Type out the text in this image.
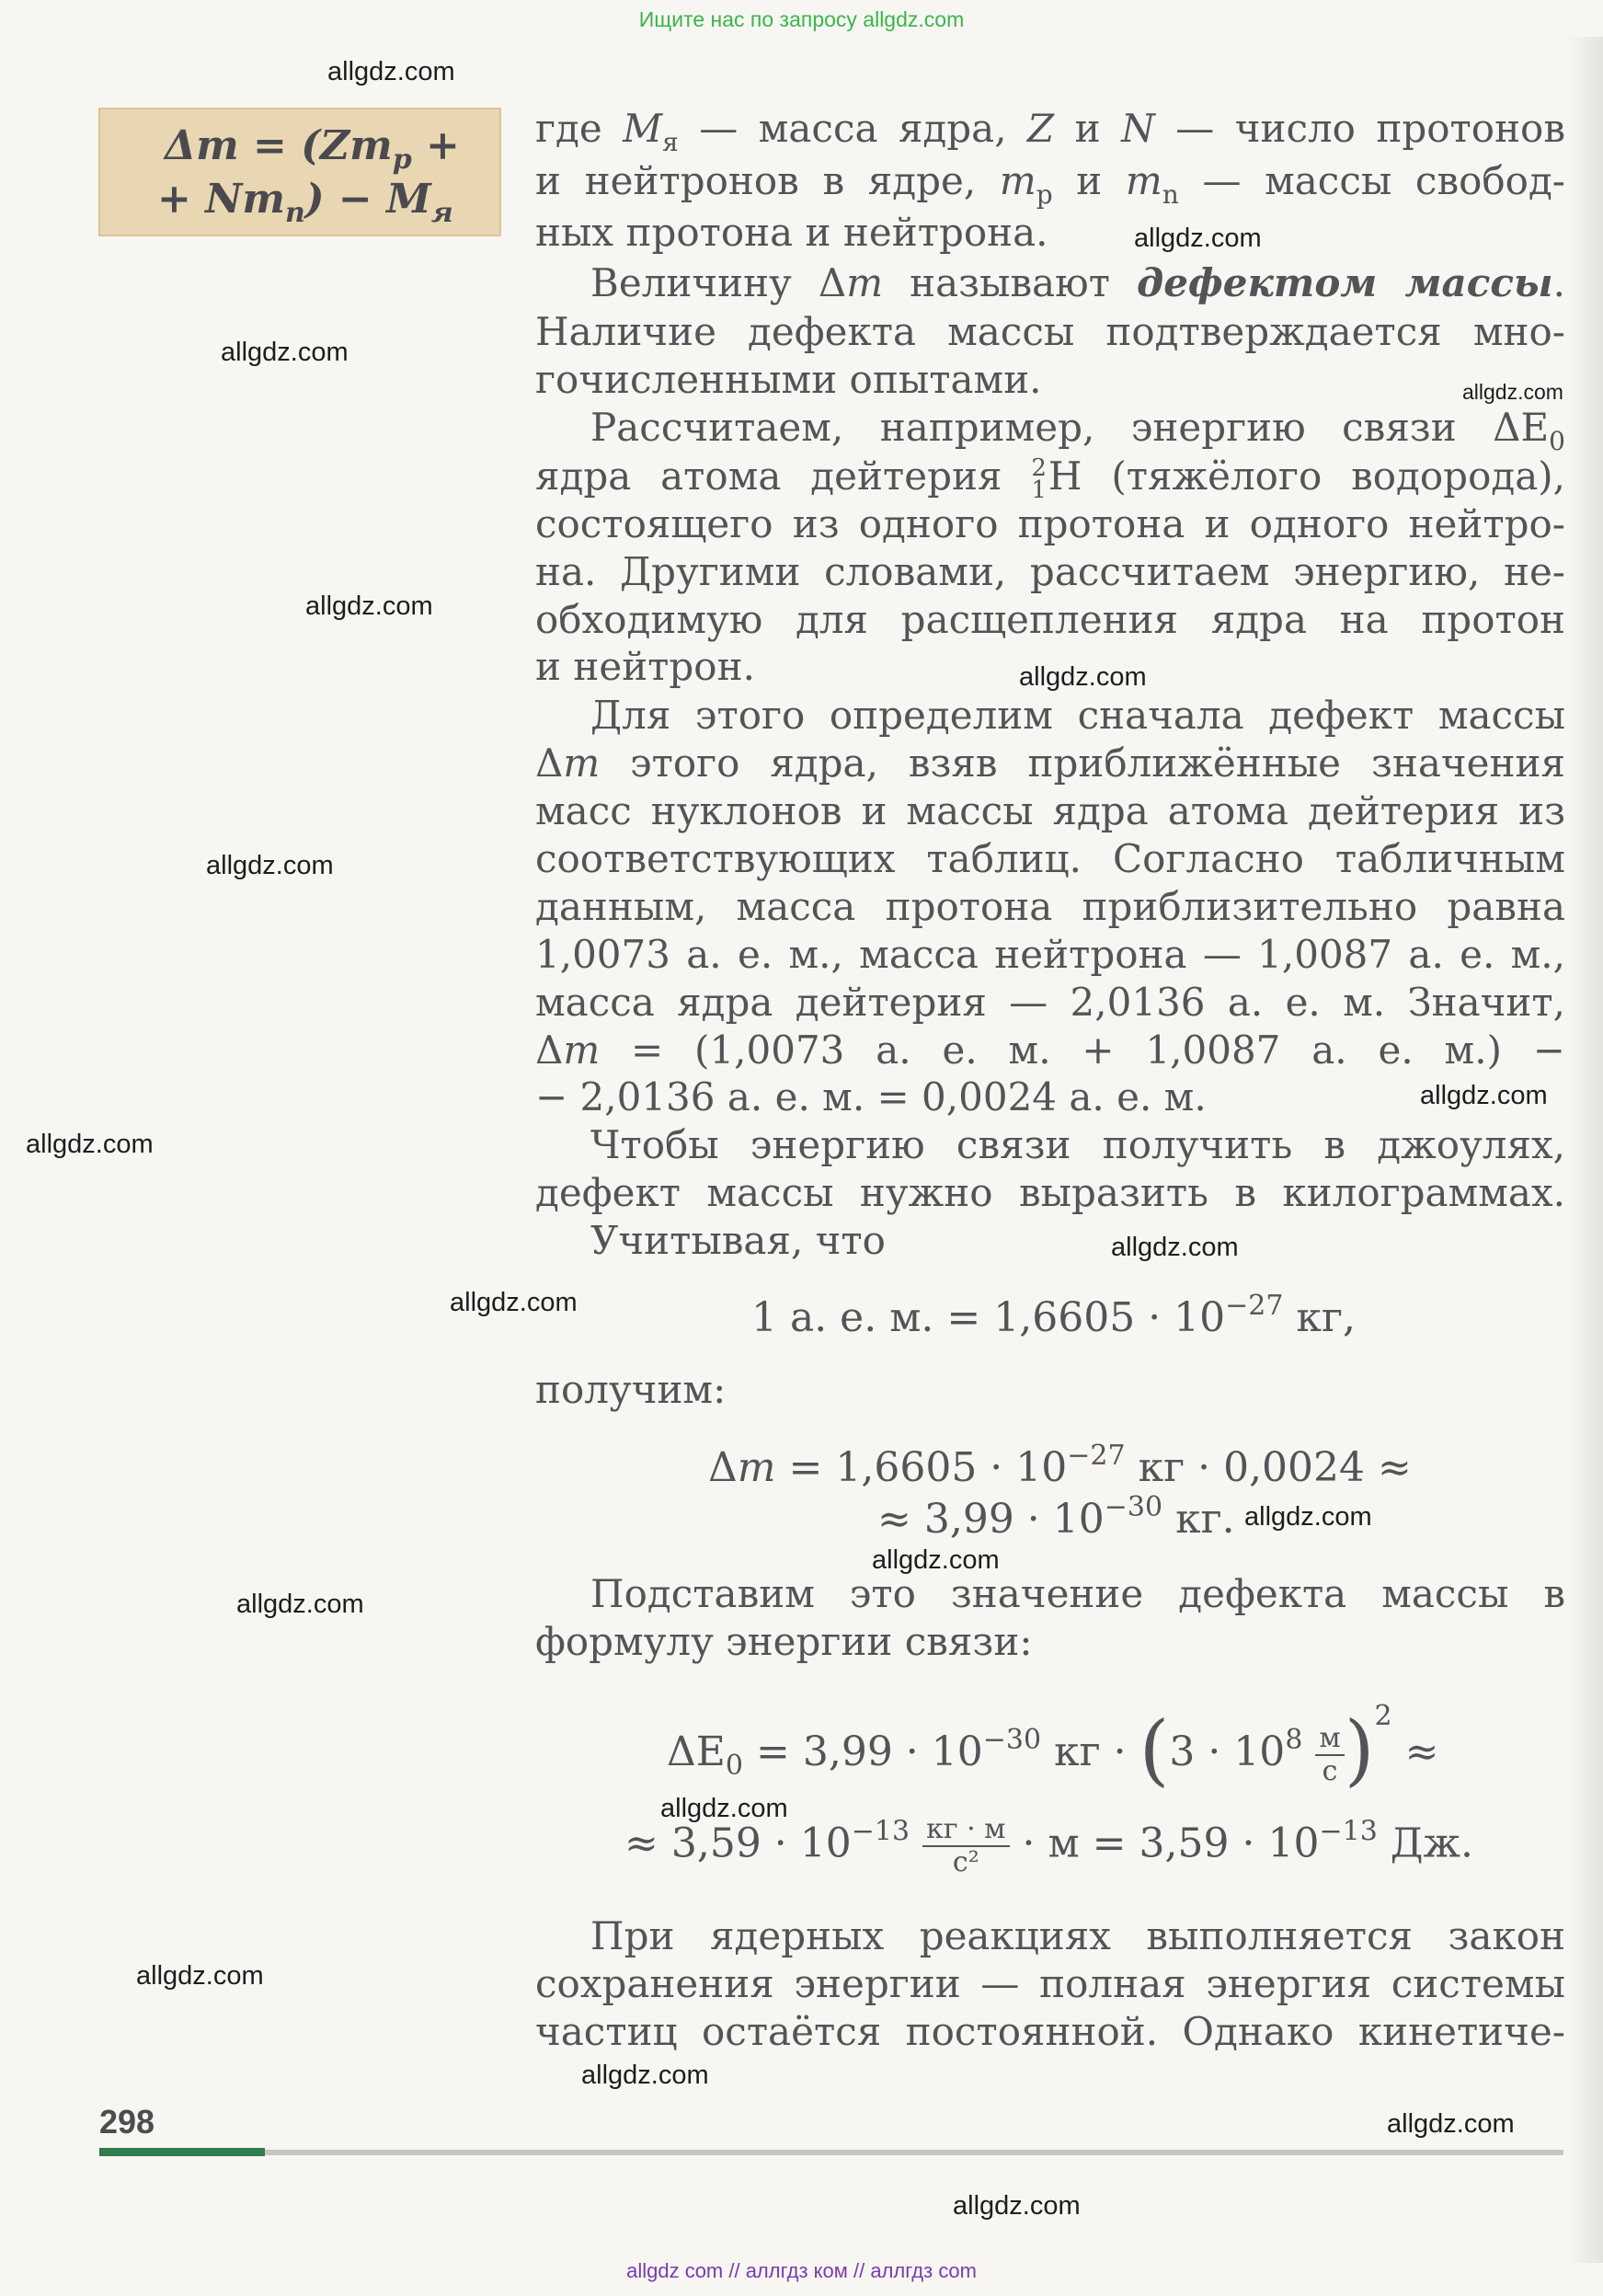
Ищите нас по запросу allgdz.com
allgdz.com
allgdz.com
allgdz.com
allgdz.com
allgdz.com
allgdz.com
allgdz.com
allgdz.com
allgdz.com
allgdz.com
allgdz.com
allgdz.com
allgdz.com
allgdz.com
allgdz.com
allgdz.com
allgdz.com
allgdz.com
allgdz.com
$\Delta m = (Zm_p$ +
+ $Nm_n) - M_я$
где $M_я$ — масса ядра, Z и N — число протонов
и нейтронов в ядре, $m_p$ и $m_n$ — массы свобод-
ных протона и нейтрона.
Величину Δm называют дефектом массы.
Наличие дефекта массы подтверждается мно-
гочисленными опытами.
Рассчитаем, например, энергию связи $\Delta E_0$
ядра атома дейтерия 2
1 H (тяжёлого водорода),
состоящего из одного протона и одного нейтро-
на. Другими словами, рассчитаем энергию, не-
обходимую для расщепления ядра на протон
и нейтрон.
Для этого определим сначала дефект массы
Δm этого ядра, взяв приближённые значения
масс нуклонов и массы ядра атома дейтерия из
соответствующих таблиц. Согласно табличным
данным, масса протона приблизительно равна
1,0073 а. е. м., масса нейтрона — 1,0087 а. е. м.,
масса ядра дейтерия — 2,0136 а. е. м. Значит,
Δm = (1,0073 а. е. м. + 1,0087 а. е. м.) −
− 2,0136 а. е. м. = 0,0024 а. е. м.
Чтобы энергию связи получить в джоулях,
дефект массы нужно выразить в килограммах.
Учитывая, что
1 а. е. м. = $1,6605 \cdot 10^{-27}$ кг,
получим:
$\Delta m = 1,6605 \cdot 10^{-27}$ кг · 0,0024 ≈
≈ $3,99 \cdot 10^{-30}$ кг.
Подставим это значение дефекта массы в
формулу энергии связи:
$\Delta E_0 = 3,99 \cdot 10^{-30}$ кг · $(3 \cdot 10^8 \frac{м}{с} )^2$ ≈
≈ $3,59 \cdot 10^{-13} \frac{кг \cdot м}{\text{с²}} \cdot м = 3,59 \cdot 10^{-13}$ Дж.
При ядерных реакциях выполняется закон
сохранения энергии — полная энергия системы
частиц остаётся постоянной. Однако кинетиче-
298
allgdz com // аллгдз ком // аллгдз com
